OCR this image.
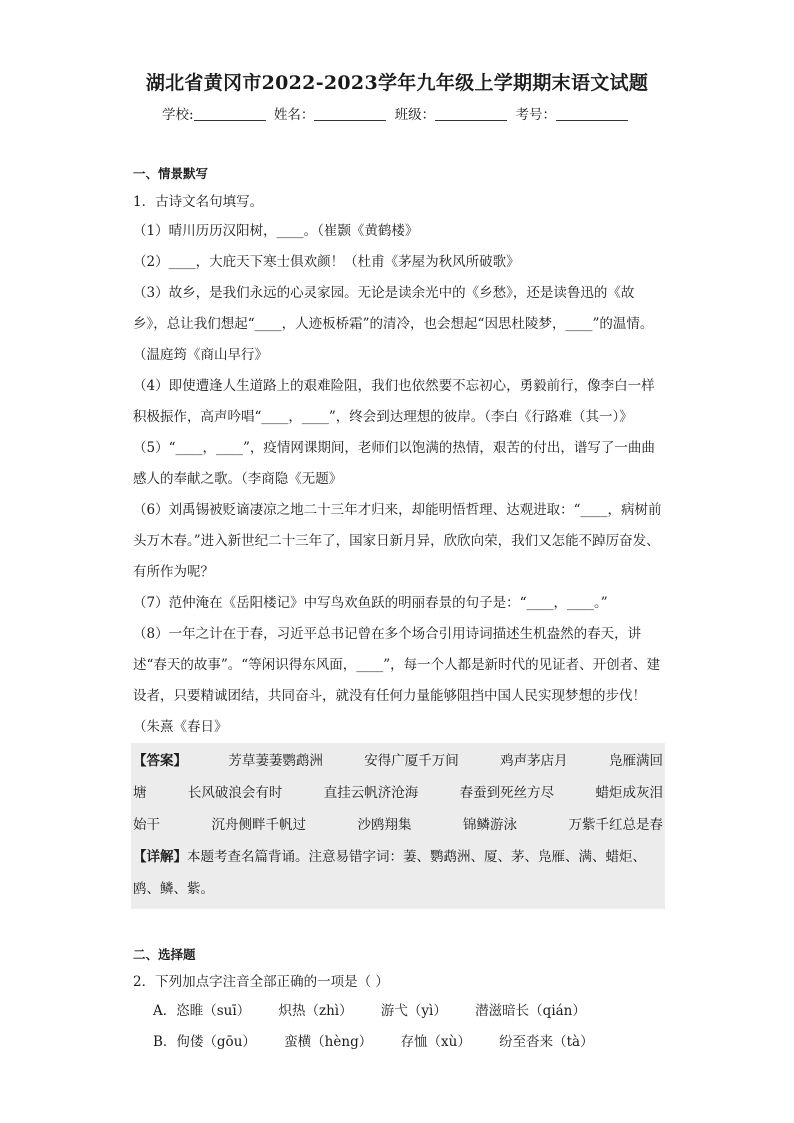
湖北省黄冈市2022-2023学年九年级上学期期末语文试题
学校:	姓名：	班级：	考号：

一、情景默写

1．古诗文名句填写。

（1）晴川历历汉阳树，____。（崔颢《黄鹤楼》
（2）____，大庇天下寒士俱欢颜！（杜甫《茅屋为秋风所破歌》
（3）故乡，是我们永远的心灵家园。无论是读余光中的《乡愁》，还是读鲁迅的《故乡》，总让我们想起“____，人迹板桥霜”的清冷，也会想起“因思杜陵梦，____”的温情。（温庭筠《商山早行》
（4）即使遭逢人生道路上的艰难险阻，我们也依然要不忘初心，勇毅前行，像李白一样积极振作，高声吟唱“____，____”，终会到达理想的彼岸。（李白《行路难（其一）》
（5）“____，____”，疫情网课期间，老师们以饱满的热情，艰苦的付出，谱写了一曲曲感人的奉献之歌。（李商隐《无题》
（6）刘禹锡被贬谪凄凉之地二十三年才归来，却能明悟哲理、达观进取：“____，病树前头万木春。”进入新世纪二十三年了，国家日新月异，欣欣向荣，我们又怎能不踔厉奋发、有所作为呢？
（7）范仲淹在《岳阳楼记》中写鸟欢鱼跃的明丽春景的句子是：“____，____。”
（8）一年之计在于春，习近平总书记曾在多个场合引用诗词描述生机盎然的春天，讲述“春天的故事”。“等闲识得东风面，____”，每一个人都是新时代的见证者、开创者、建设者，只要精诚团结，共同奋斗，就没有任何力量能够阻挡中国人民实现梦想的步伐！（朱熹《春日》
【答案】	芳草萋萋鹦鹉洲	安得广厦千万间	鸡声茅店月	凫雁满回
塘	长风破浪会有时	直挂云帆济沧海	春蚕到死丝方尽	蜡炬成灰泪
始干	沉舟侧畔千帆过	沙鸥翔集	锦鳞游泳	万紫千红总是春

【详解】本题考查名篇背诵。注意易错字词：萋、鹦鹉洲、厦、茅、凫雁、满、蜡炬、鸥、鳞、紫。

二、选择题

2．下列加点字注音全部正确的一项是（ ）

A．恣睢（suī） 炽热（zhì） 游弋（yì） 潜滋暗长（qián）
B．佝偻（gōu） 蛮横（hèng） 存恤（xù） 纷至沓来（tà）
